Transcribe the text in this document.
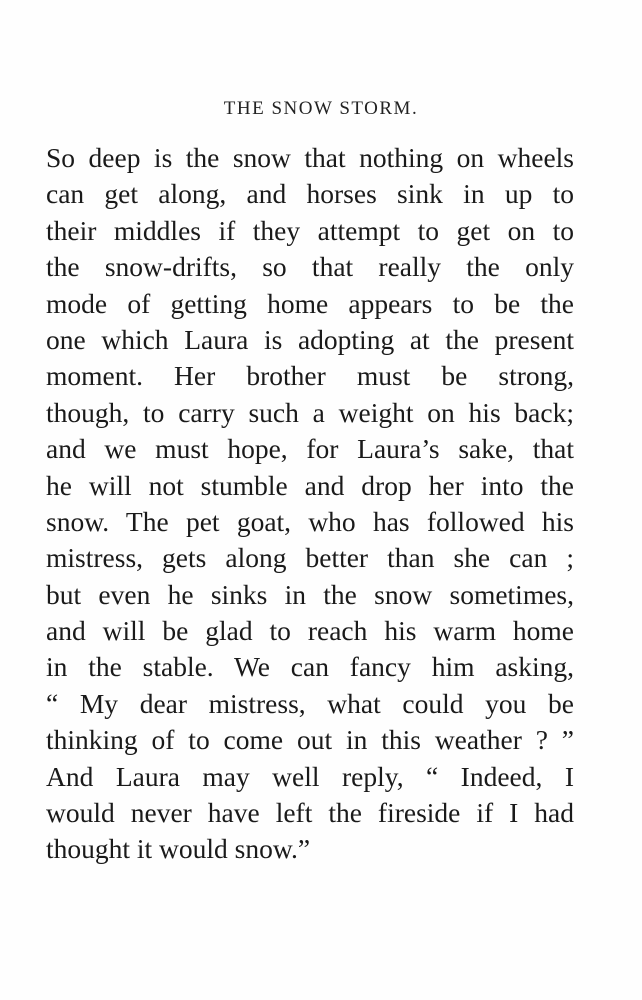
THE SNOW STORM.
So deep is the snow that nothing on wheels
can get along, and horses sink in up to
their middles if they attempt to get on to
the snow-drifts, so that really the only
mode of getting home appears to be the
one which Laura is adopting at the present
moment. Her brother must be strong,
though, to carry such a weight on his back;
and we must hope, for Laura’s sake, that
he will not stumble and drop her into the
snow. The pet goat, who has followed his
mistress, gets along better than she can ;
but even he sinks in the snow sometimes,
and will be glad to reach his warm home
in the stable. We can fancy him asking,
“ My dear mistress, what could you be
thinking of to come out in this weather ? ”
And Laura may well reply, “ Indeed, I
would never have left the fireside if I had
thought it would snow.”
